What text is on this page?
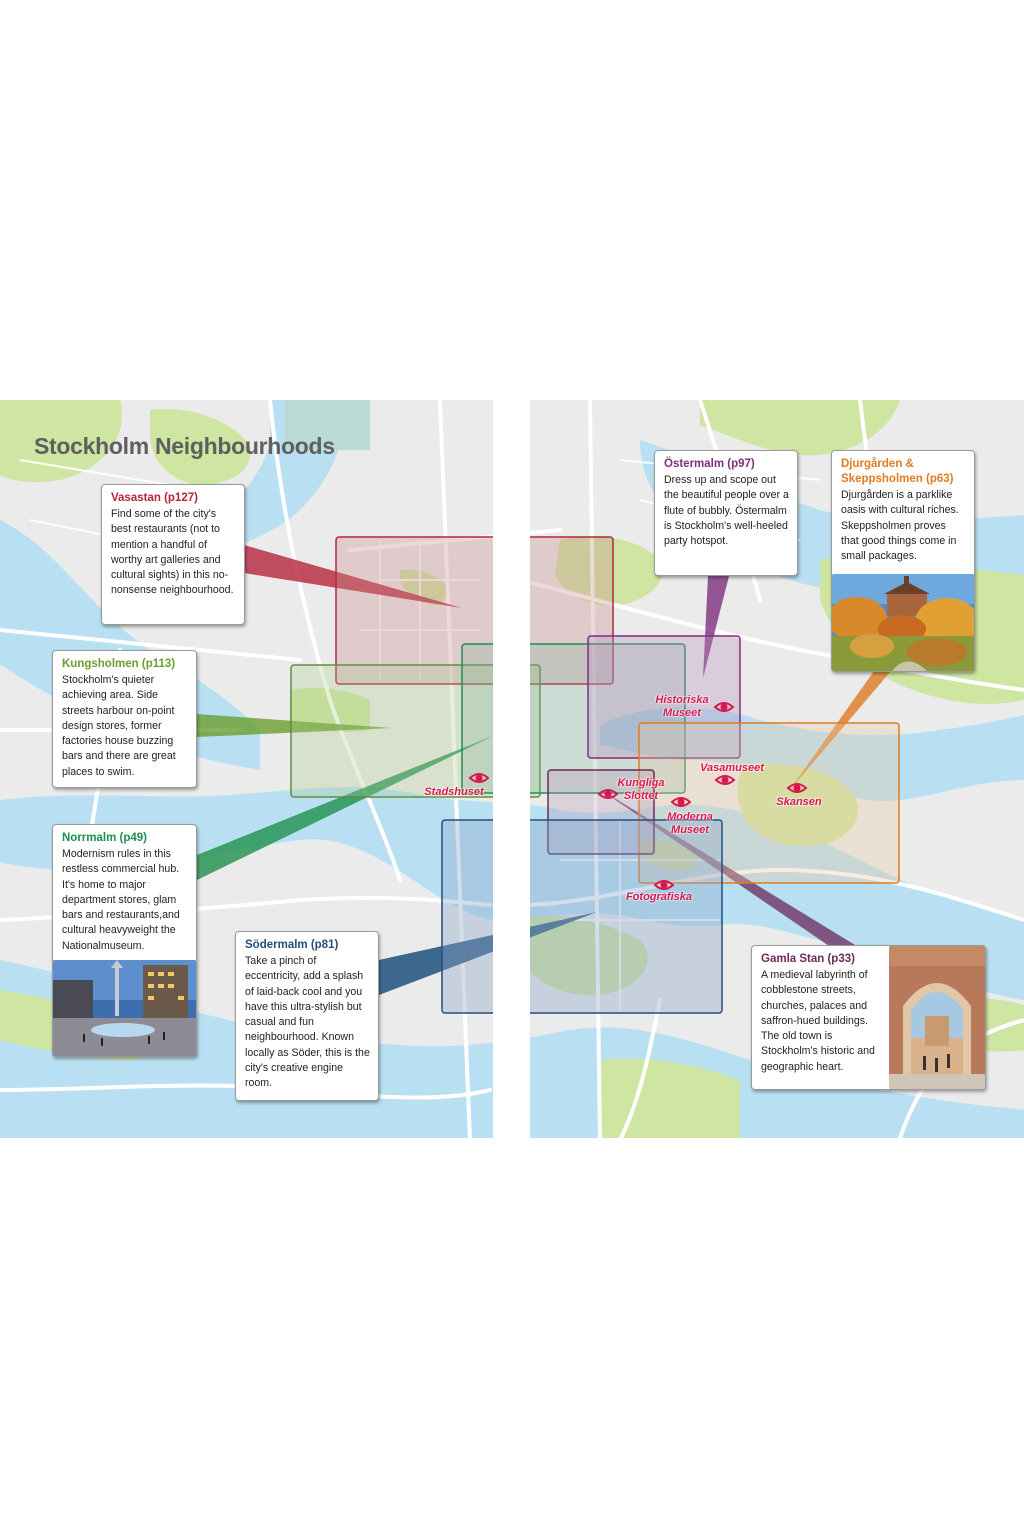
Stockholm Neighbourhoods
Vasastan (p127)

Find some of the city's best restaurants (not to mention a handful of worthy art galleries and cultural sights) in this no-nonsense neighbourhood.

Kungsholmen (p113)

Stockholm's quieter achieving area. Side streets harbour on-point design stores, former factories house buzzing bars and there are great places to swim.

Norrmalm (p49)

Modernism rules in this restless commercial hub. It's home to major department stores, glam bars and restaurants,and cultural heavyweight the Nationalmuseum.	Södermalm (p81)

Take a pinch of eccentricity, add a splash of laid-back cool and you have this ultra-stylish but casual and fun neighbourhood. Known locally as Söder, this is the city's creative engine room.

Östermalm (p97)

Dress up and scope out the beautiful people over a flute of bubbly. Östermalm is Stockholm's well-heeled party hotspot.

Djurgården & Skeppsholmen (p63)

Djurgården is a parklike oasis with cultural riches. Skeppsholmen proves that good things come in small packages.

Gamla Stan (p33)

A medieval labyrinth of cobblestone streets, churches, palaces and saffron-hued buildings. The old town is Stockholm's historic and geographic heart.

Stadshuset
Historiska Museet
Vasamuseet
Skansen
Kungliga Slottet
Moderna Museet
Fotografiska
